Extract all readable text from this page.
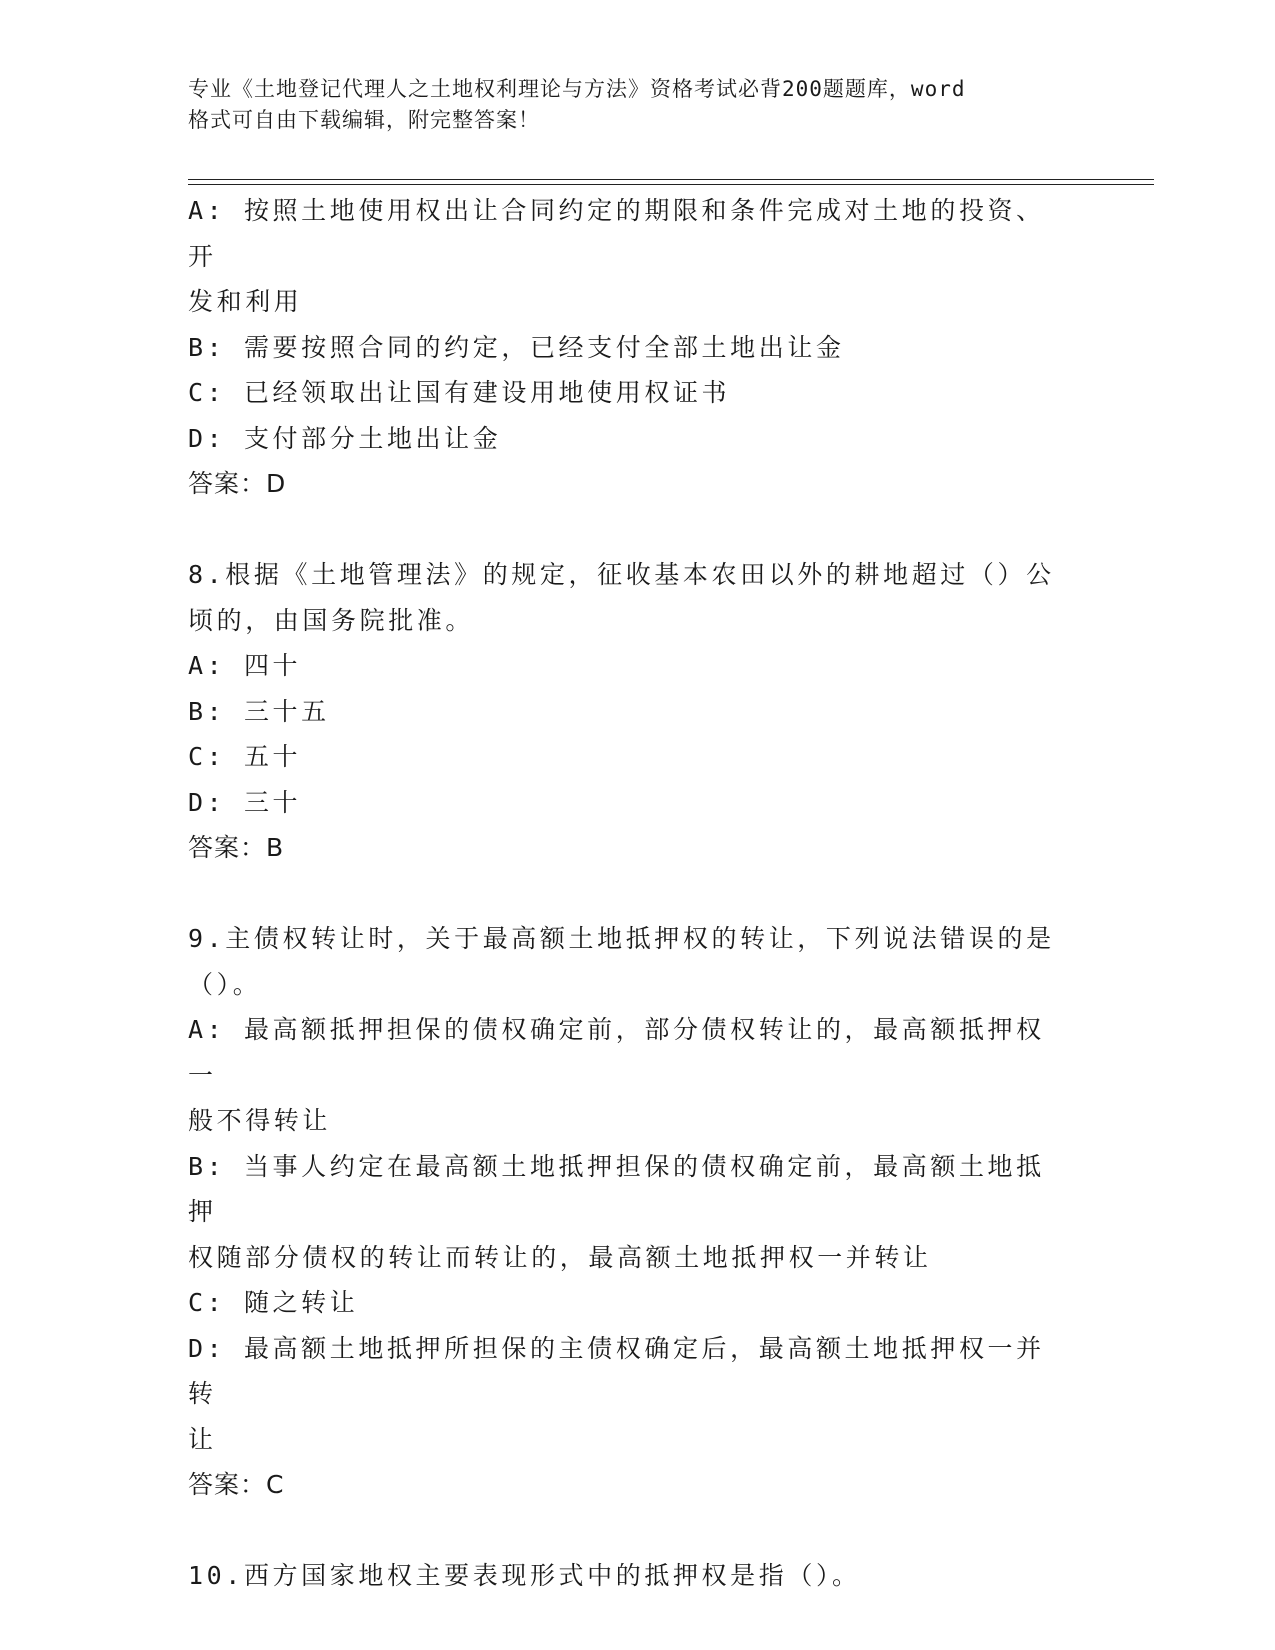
专业《土地登记代理人之土地权利理论与方法》资格考试必背200题题库，word

格式可自由下载编辑，附完整答案！

A: 按照土地使用权出让合同约定的期限和条件完成对土地的投资、开

发和利用

B: 需要按照合同的约定，已经支付全部土地出让金

C: 已经领取出让国有建设用地使用权证书

D: 支付部分土地出让金

答案：D

8.根据《土地管理法》的规定，征收基本农田以外的耕地超过（）公

顷的，由国务院批准。

A: 四十

B: 三十五

C: 五十

D: 三十

答案：B

9.主债权转让时，关于最高额土地抵押权的转让，下列说法错误的是

（）。

A: 最高额抵押担保的债权确定前，部分债权转让的，最高额抵押权一

般不得转让

B: 当事人约定在最高额土地抵押担保的债权确定前，最高额土地抵押

权随部分债权的转让而转让的，最高额土地抵押权一并转让

C: 随之转让

D: 最高额土地抵押所担保的主债权确定后，最高额土地抵押权一并转

让

答案：C

10.西方国家地权主要表现形式中的抵押权是指（）。
